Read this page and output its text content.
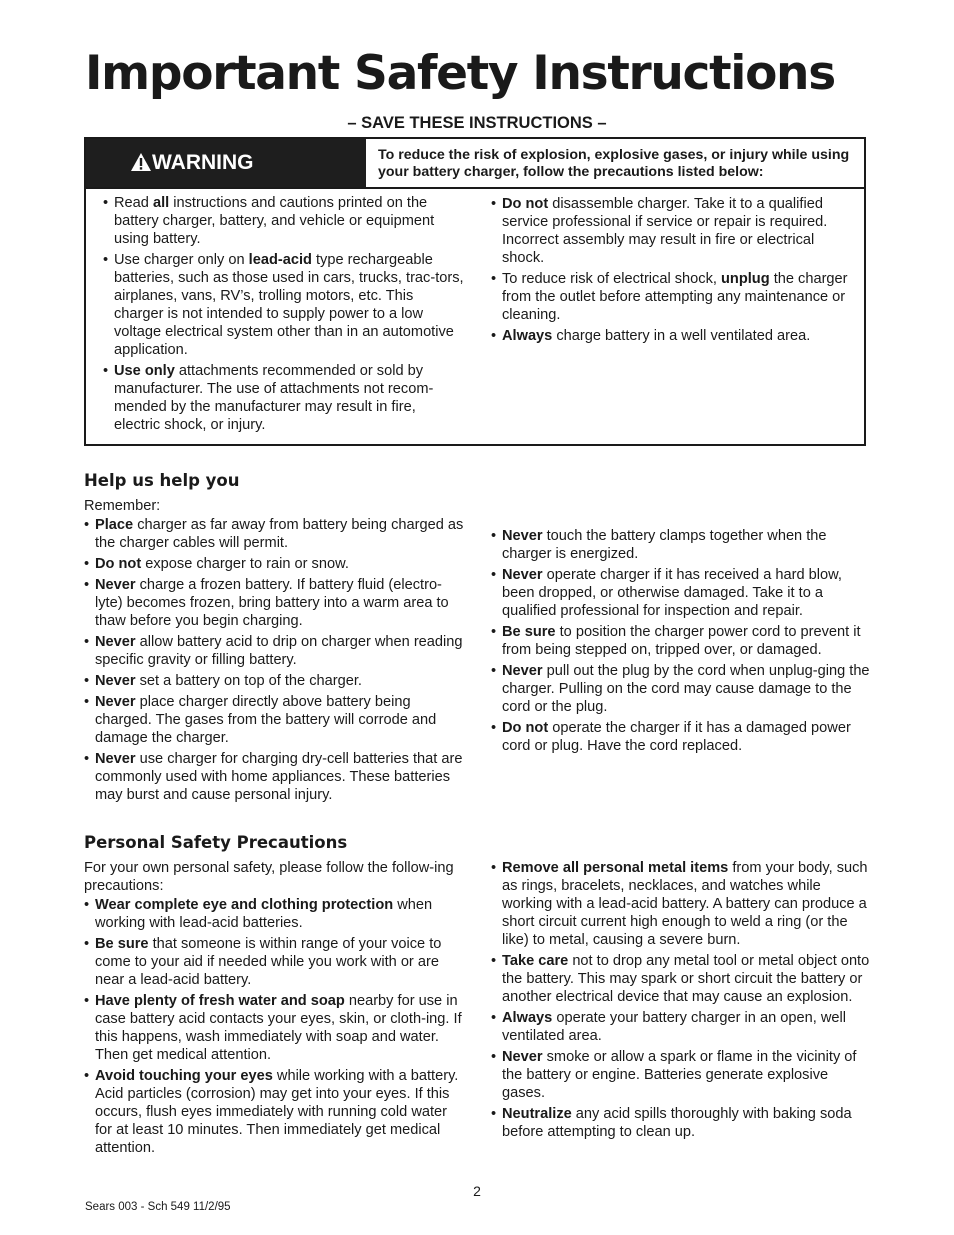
Important Safety Instructions
– SAVE THESE INSTRUCTIONS –
WARNING	To reduce the risk of explosion, explosive gases, or injury while using your battery charger, follow the precautions listed below:
• Read all instructions and cautions printed on the battery charger, battery, and vehicle or equipment using battery.
• Use charger only on lead-acid type rechargeable batteries, such as those used in cars, trucks, trac-tors, airplanes, vans, RV’s, trolling motors, etc. This charger is not intended to supply power to a low voltage electrical system other than in an automotive application.
• Use only attachments recommended or sold by manufacturer. The use of attachments not recom-mended by the manufacturer may result in fire, electric shock, or injury.
• Do not disassemble charger. Take it to a qualified service professional if service or repair is required. Incorrect assembly may result in fire or electrical shock.
• To reduce risk of electrical shock, unplug the charger from the outlet before attempting any maintenance or cleaning.
• Always charge battery in a well ventilated area.
Help us help you

Remember:

• Place charger as far away from battery being charged as the charger cables will permit.
• Do not expose charger to rain or snow.
• Never charge a frozen battery. If battery fluid (electro-lyte) becomes frozen, bring battery into a warm area to thaw before you begin charging.
• Never allow battery acid to drip on charger when reading specific gravity or filling battery.
• Never set a battery on top of the charger.
• Never place charger directly above battery being charged. The gases from the battery will corrode and damage the charger.
• Never use charger for charging dry-cell batteries that are commonly used with home appliances. These batteries may burst and cause personal injury.
• Never touch the battery clamps together when the charger is energized.
• Never operate charger if it has received a hard blow, been dropped, or otherwise damaged. Take it to a qualified professional for inspection and repair.
• Be sure to position the charger power cord to prevent it from being stepped on, tripped over, or damaged.
• Never pull out the plug by the cord when unplug-ging the charger. Pulling on the cord may cause damage to the cord or the plug.
• Do not operate the charger if it has a damaged power cord or plug. Have the cord replaced.
Personal Safety Precautions

For your own personal safety, please follow the follow-ing precautions:

• Wear complete eye and clothing protection when working with lead-acid batteries.
• Be sure that someone is within range of your voice to come to your aid if needed while you work with or are near a lead-acid battery.
• Have plenty of fresh water and soap nearby for use in case battery acid contacts your eyes, skin, or cloth-ing. If this happens, wash immediately with soap and water. Then get medical attention.
• Avoid touching your eyes while working with a battery. Acid particles (corrosion) may get into your eyes. If this occurs, flush eyes immediately with running cold water for at least 10 minutes. Then immediately get medical attention.
• Remove all personal metal items from your body, such as rings, bracelets, necklaces, and watches while working with a lead-acid battery. A battery can produce a short circuit current high enough to weld a ring (or the like) to metal, causing a severe burn.
• Take care not to drop any metal tool or metal object onto the battery. This may spark or short circuit the battery or another electrical device that may cause an explosion.
• Always operate your battery charger in an open, well ventilated area.
• Never smoke or allow a spark or flame in the vicinity of the battery or engine. Batteries generate explosive gases.
• Neutralize any acid spills thoroughly with baking soda before attempting to clean up.
2
Sears 003 - Sch 549 11/2/95
